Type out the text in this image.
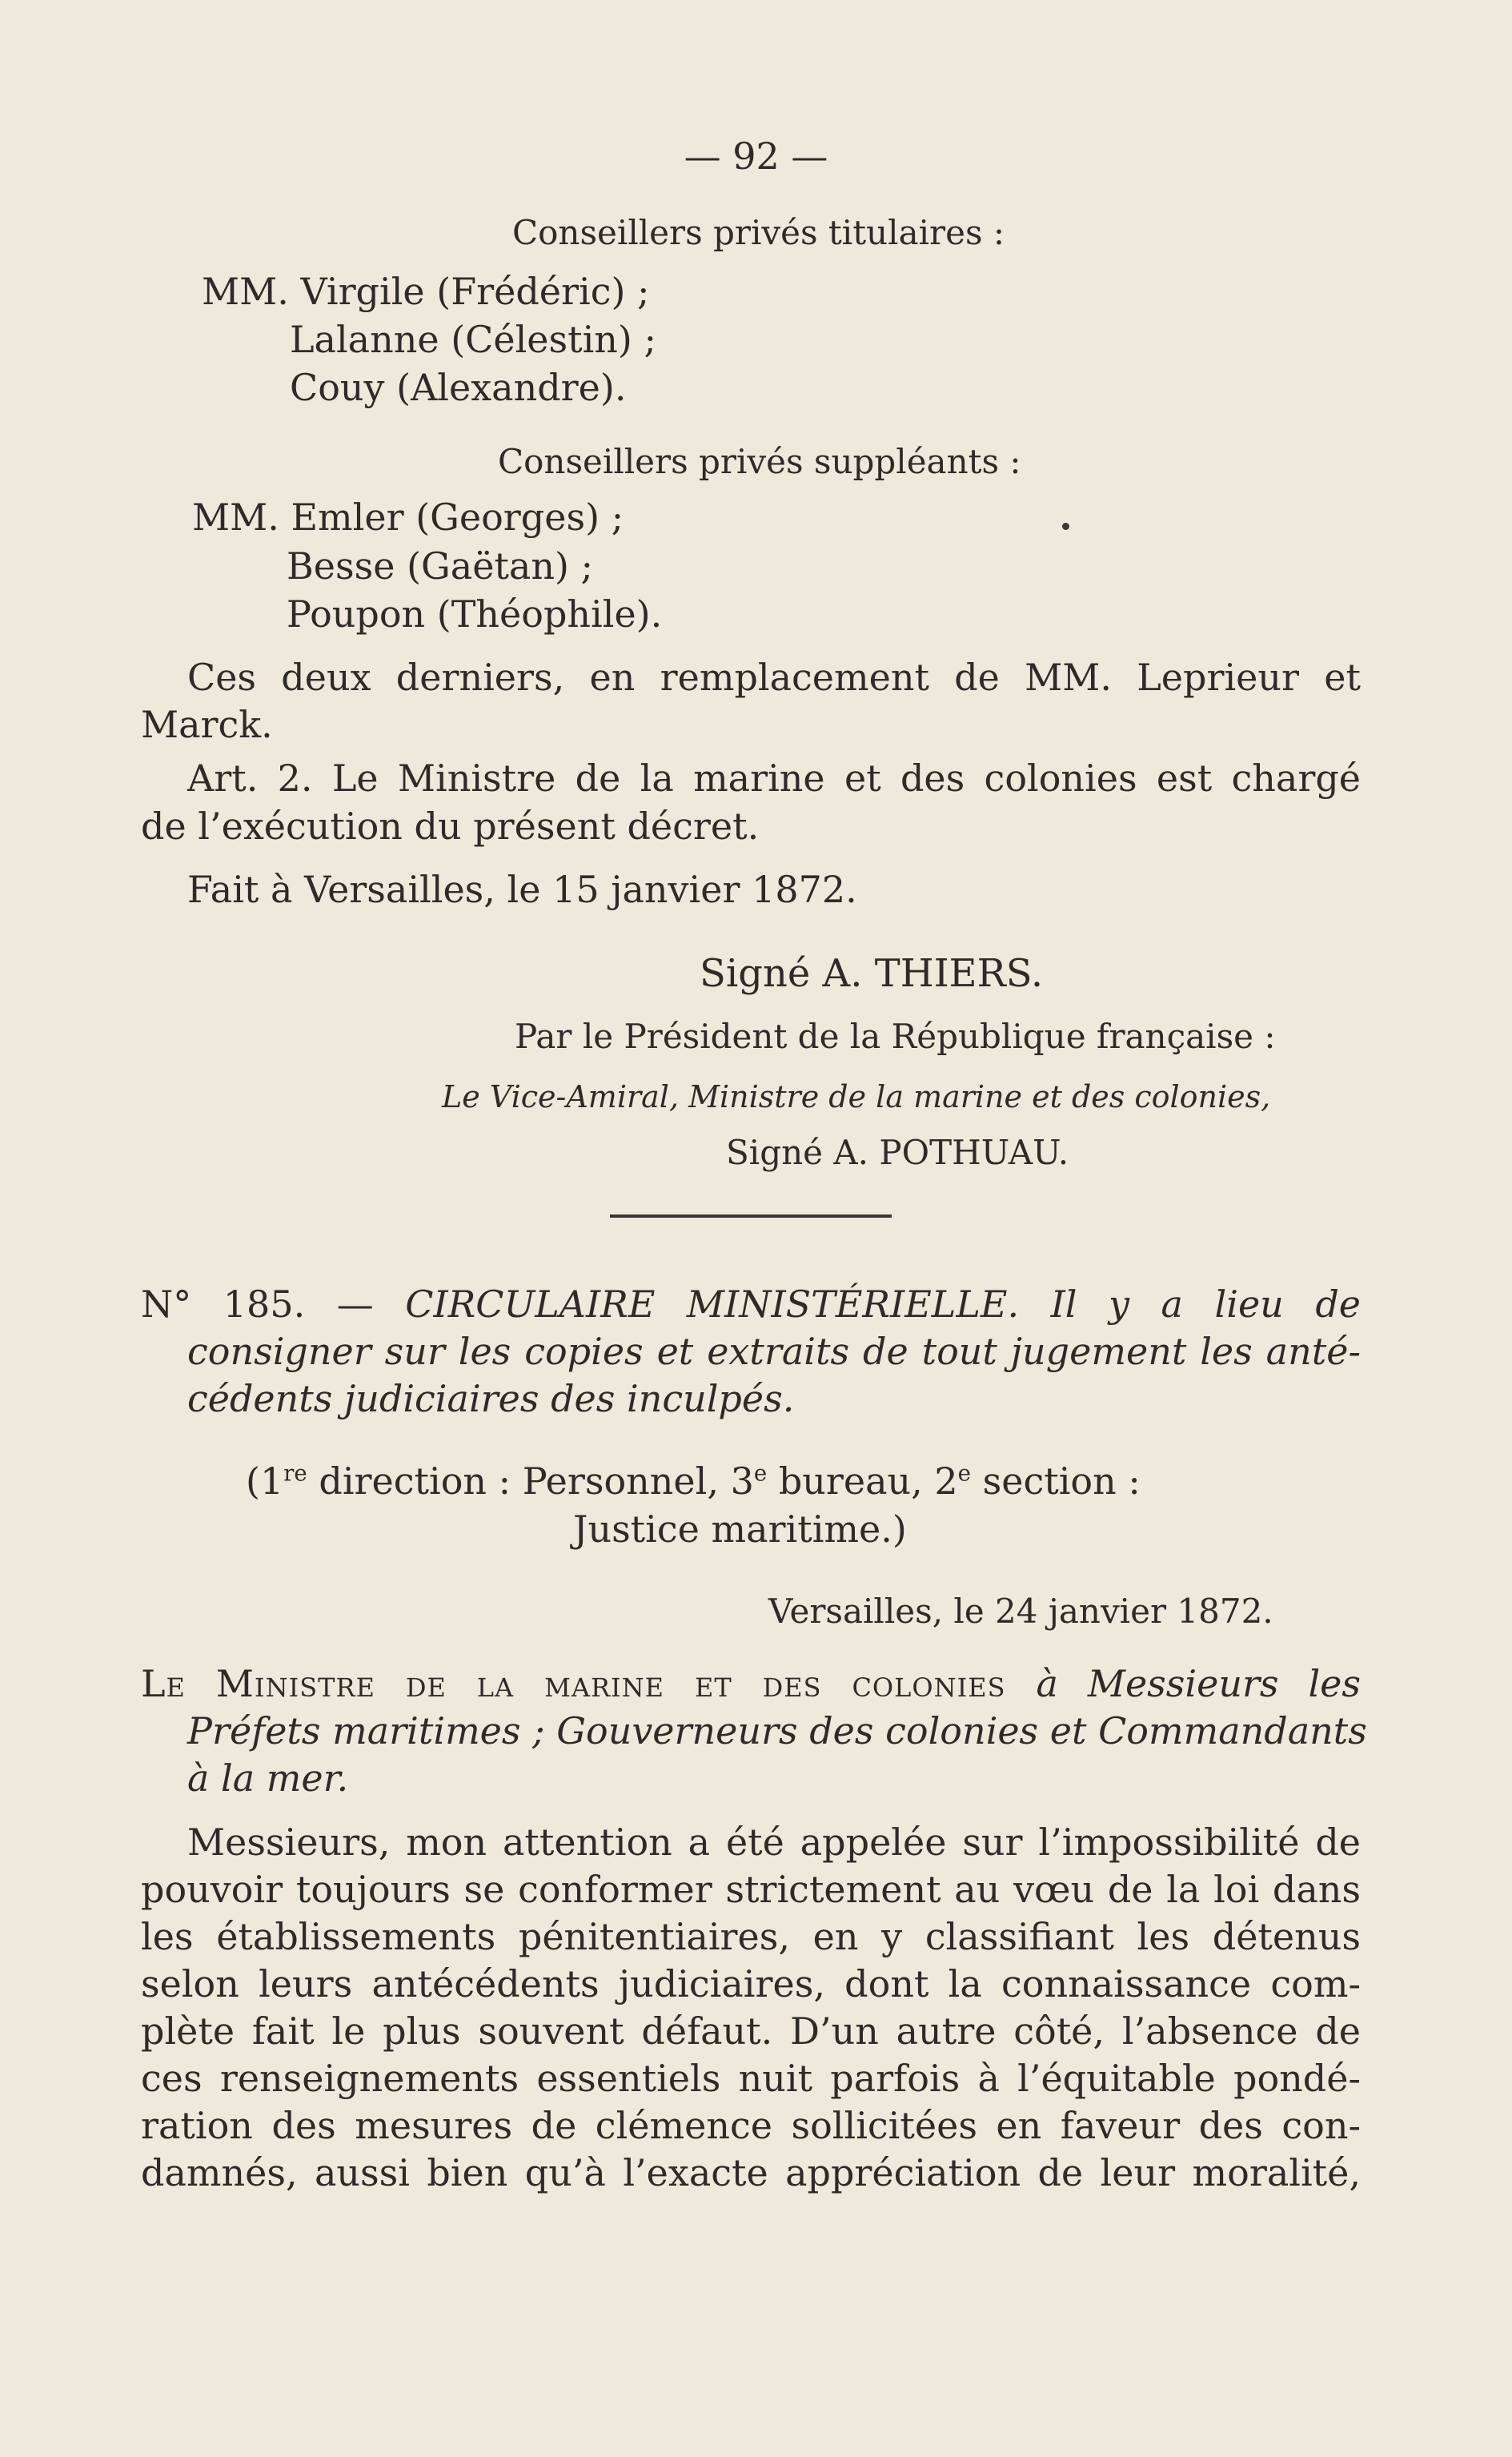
— 92 —
Conseillers privés titulaires :
MM. Virgile (Frédéric) ;
Lalanne (Célestin) ;
Couy (Alexandre).
Conseillers privés suppléants :
MM. Emler (Georges) ;
Besse (Gaëtan) ;
Poupon (Théophile).
Ces deux derniers, en remplacement de MM. Leprieur et
Marck.
Art. 2. Le Ministre de la marine et des colonies est chargé
de l’exécution du présent décret.
Fait à Versailles, le 15 janvier 1872.
Signé A. THIERS.
Par le Président de la République française :
Le Vice-Amiral, Ministre de la marine et des colonies,
Signé A. POTHUAU.
N° 185. — CIRCULAIRE MINISTÉRIELLE. Il y a lieu de
consigner sur les copies et extraits de tout jugement les anté-
cédents judiciaires des inculpés.
(1re direction : Personnel, 3e bureau, 2e section :
Justice maritime.)
Versailles, le 24 janvier 1872.
Le Ministre de la marine et des colonies à Messieurs les
Préfets maritimes ; Gouverneurs des colonies et Commandants
à la mer.
Messieurs, mon attention a été appelée sur l’impossibilité de
pouvoir toujours se conformer strictement au vœu de la loi dans
les établissements pénitentiaires, en y classifiant les détenus
selon leurs antécédents judiciaires, dont la connaissance com-
plète fait le plus souvent défaut. D’un autre côté, l’absence de
ces renseignements essentiels nuit parfois à l’équitable pondé-
ration des mesures de clémence sollicitées en faveur des con-
damnés, aussi bien qu’à l’exacte appréciation de leur moralité,
